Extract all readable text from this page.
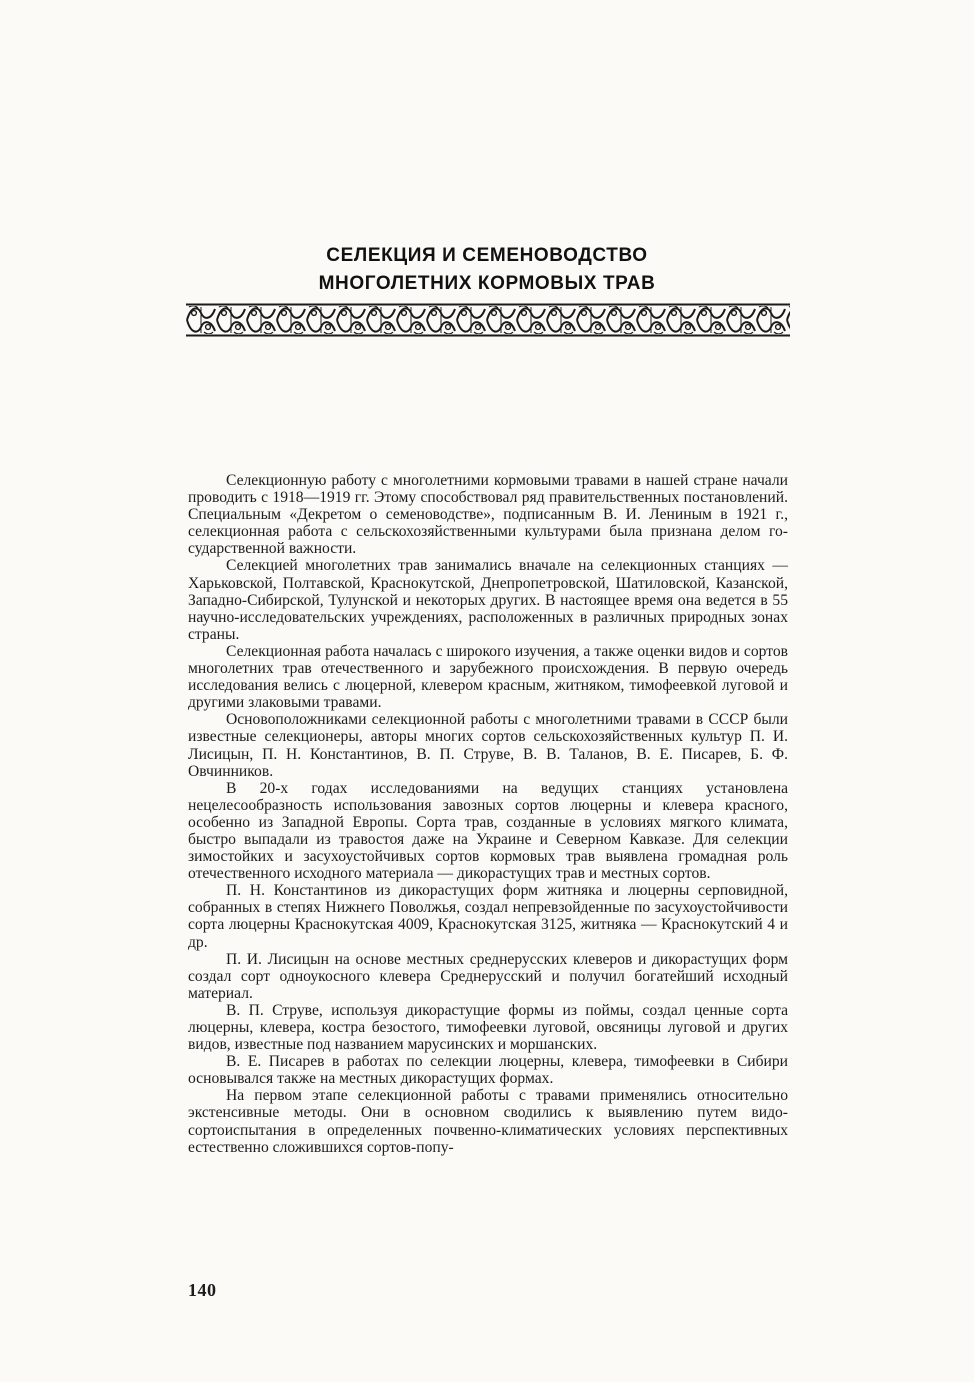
СЕЛЕКЦИЯ И СЕМЕНОВОДСТВО
МНОГОЛЕТНИХ КОРМОВЫХ ТРАВ

Селекционную работу с многолетними кормовыми травами в нашей стране начали проводить с 1918—1919 гг. Этому способствовал ряд правительственных постановлений. Специальным «Декретом о семеноводстве», подписанным В. И. Лениным в 1921 г., селекционная работа с сельскохозяйственными культурами была признана делом государственной важности.

Селекцией многолетних трав занимались вначале на селекционных станциях — Харьковской, Полтавской, Краснокутской, Днепропетровской, Шатиловской, Казанской, Западно-Сибирской, Тулунской и некоторых других. В настоящее время она ведется в 55 научно-исследовательских учреждениях, расположенных в различных природных зонах страны.

Селекционная работа началась с широкого изучения, а также оценки видов и сортов многолетних трав отечественного и зарубежного происхождения. В первую очередь исследования велись с люцерной, клевером красным, житняком, тимофеевкой луговой и другими злаковыми травами.

Основоположниками селекционной работы с многолетними травами в СССР были известные селекционеры, авторы многих сортов сельскохозяйственных культур П. И. Лисицын, П. Н. Константинов, В. П. Струве, В. В. Таланов, В. Е. Писарев, Б. Ф. Овчинников.

В 20-х годах исследованиями на ведущих станциях установлена нецелесообразность использования завозных сортов люцерны и клевера красного, особенно из Западной Европы. Сорта трав, созданные в условиях мягкого климата, быстро выпадали из травостоя даже на Украине и Северном Кавказе. Для селекции зимостойких и засухоустойчивых сортов кормовых трав выявлена громадная роль отечественного исходного материала — дикорастущих трав и местных сортов.

П. Н. Константинов из дикорастущих форм житняка и люцерны серповидной, собранных в степях Нижнего Поволжья, создал непревзойденные по засухоустойчивости сорта люцерны Краснокутская 4009, Краснокутская 3125, житняка — Краснокутский 4 и др.

П. И. Лисицын на основе местных среднерусских клеверов и дикорастущих форм создал сорт одноукосного клевера Среднерусский и получил богатейший исходный материал.

В. П. Струве, используя дикорастущие формы из поймы, создал ценные сорта люцерны, клевера, костра безостого, тимофеевки луговой, овсяницы луговой и других видов, известные под названием марусинских и моршанских.

В. Е. Писарев в работах по селекции люцерны, клевера, тимофеевки в Сибири основывался также на местных дикорастущих формах.

На первом этапе селекционной работы с травами применялись относительно экстенсивные методы. Они в основном сводились к выявлению путем видо-сортоиспытания в определенных почвенно-климатических условиях перспективных естественно сложившихся сортов-попу-

140
